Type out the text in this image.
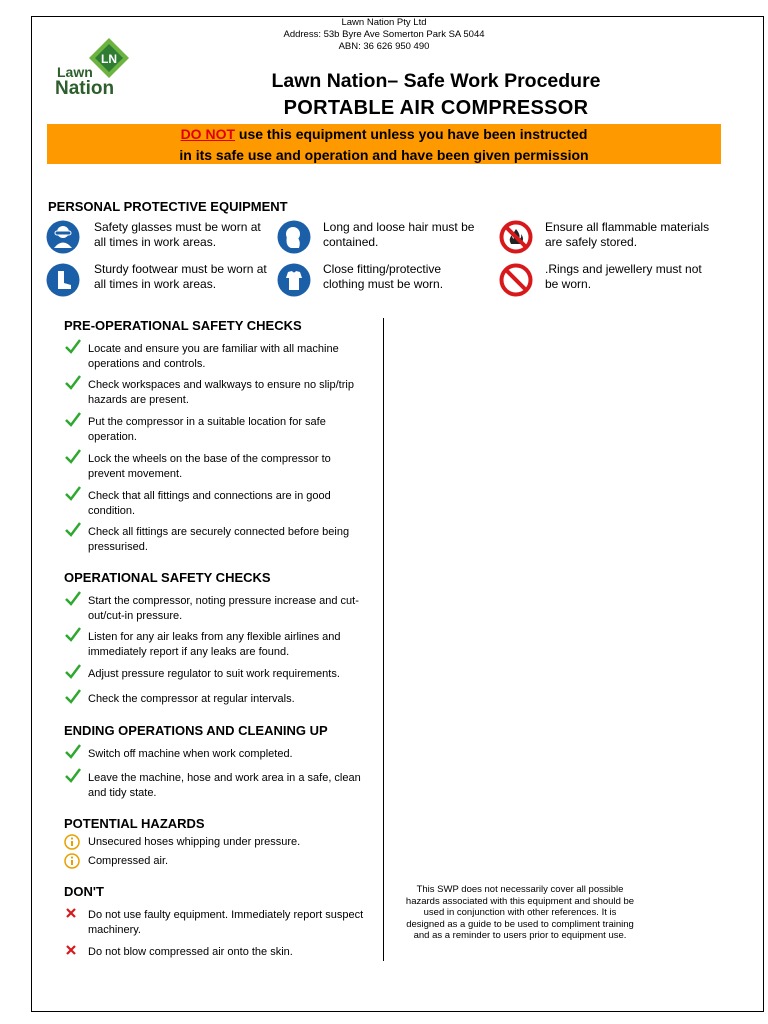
Lawn Nation Pty Ltd
Address: 53b Byre Ave Somerton Park SA 5044
ABN: 36 626 950 490
LN
Lawn
Nation	Lawn Nation– Safe Work Procedure
PORTABLE AIR COMPRESSOR
DO NOT use this equipment unless you have been instructed
in its safe use and operation and have been given permission
PERSONAL PROTECTIVE EQUIPMENT
Safety glasses must be worn at all times in work areas.
Sturdy footwear must be worn at all times in work areas.
Long and loose hair must be contained.
Close fitting/protective clothing must be worn.
Ensure all flammable materials are safely stored.
.Rings and jewellery must not be worn.
PRE-OPERATIONAL SAFETY CHECKS
Locate and ensure you are familiar with all machine operations and controls.
Check workspaces and walkways to ensure no slip/trip hazards are present.
Put the compressor in a suitable location for safe operation.
Lock the wheels on the base of the compressor to prevent movement.
Check that all fittings and connections are in good condition.
Check all fittings are securely connected before being pressurised.
OPERATIONAL SAFETY CHECKS
Start the compressor, noting pressure increase and cut-out/cut-in pressure.
Listen for any air leaks from any flexible airlines and immediately report if any leaks are found.
Adjust pressure regulator to suit work requirements.
Check the compressor at regular intervals.
ENDING OPERATIONS AND CLEANING UP
Switch off machine when work completed.
Leave the machine, hose and work area in a safe, clean and tidy state.
POTENTIAL HAZARDS
Unsecured hoses whipping under pressure.
Compressed air.
DON'T
Do not use faulty equipment. Immediately report suspect machinery.
Do not blow compressed air onto the skin.
This SWP does not necessarily cover all possible hazards associated with this equipment and should be used in conjunction with other references. It is designed as a guide to be used to compliment training and as a reminder to users prior to equipment use.
